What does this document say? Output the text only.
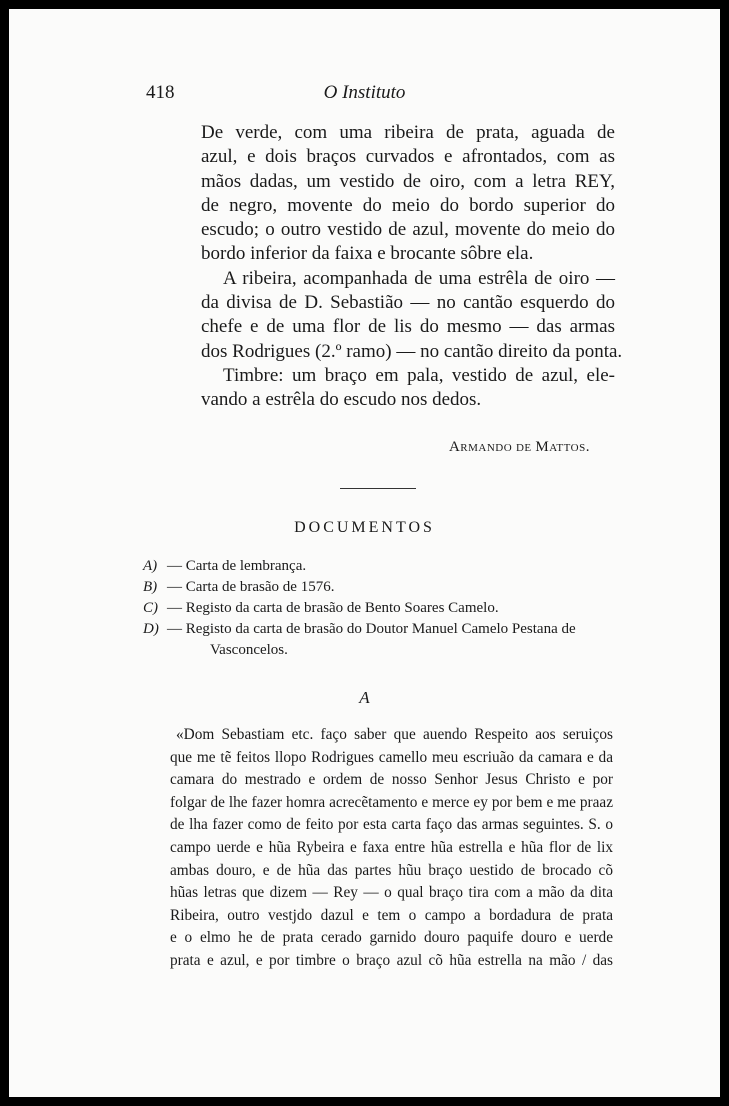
418	O Instituto
De verde, com uma ribeira de prata, aguada de
azul, e dois braços curvados e afrontados, com as
mãos dadas, um vestido de oiro, com a letra REY,
de negro, movente do meio do bordo superior do
escudo; o outro vestido de azul, movente do meio do
bordo inferior da faixa e brocante sôbre ela.
A ribeira, acompanhada de uma estrêla de oiro —
da divisa de D. Sebastião — no cantão esquerdo do
chefe e de uma flor de lis do mesmo — das armas
dos Rodrigues (2.º ramo) — no cantão direito da ponta.
Timbre: um braço em pala, vestido de azul, ele-
vando a estrêla do escudo nos dedos.
Armando de Mattos.
DOCUMENTOS
A) — Carta de lembrança.
B) — Carta de brasão de 1576.
C) — Registo da carta de brasão de Bento Soares Camelo.
D) — Registo da carta de brasão do Doutor Manuel Camelo Pestana de
Vasconcelos.
A
«Dom Sebastiam etc. faço saber que auendo Respeito aos seruiços
que me tẽ feitos llopo Rodrigues camello meu escriuão da camara e da
camara do mestrado e ordem de nosso Senhor Jesus Christo e por
folgar de lhe fazer homra acrecẽtamento e merce ey por bem e me praaz
de lha fazer como de feito por esta carta faço das armas seguintes. S. o
campo uerde e hũa Rybeira e faxa entre hũa estrella e hũa flor de lix
ambas douro, e de hũa das partes hũu braço uestido de brocado cõ
hũas letras que dizem — Rey — o qual braço tira com a mão da dita
Ribeira, outro vestjdo dazul e tem o campo a bordadura de prata
e o elmo he de prata cerado garnido douro paquife douro e uerde
prata e azul, e por timbre o braço azul cõ hũa estrella na mão / das
